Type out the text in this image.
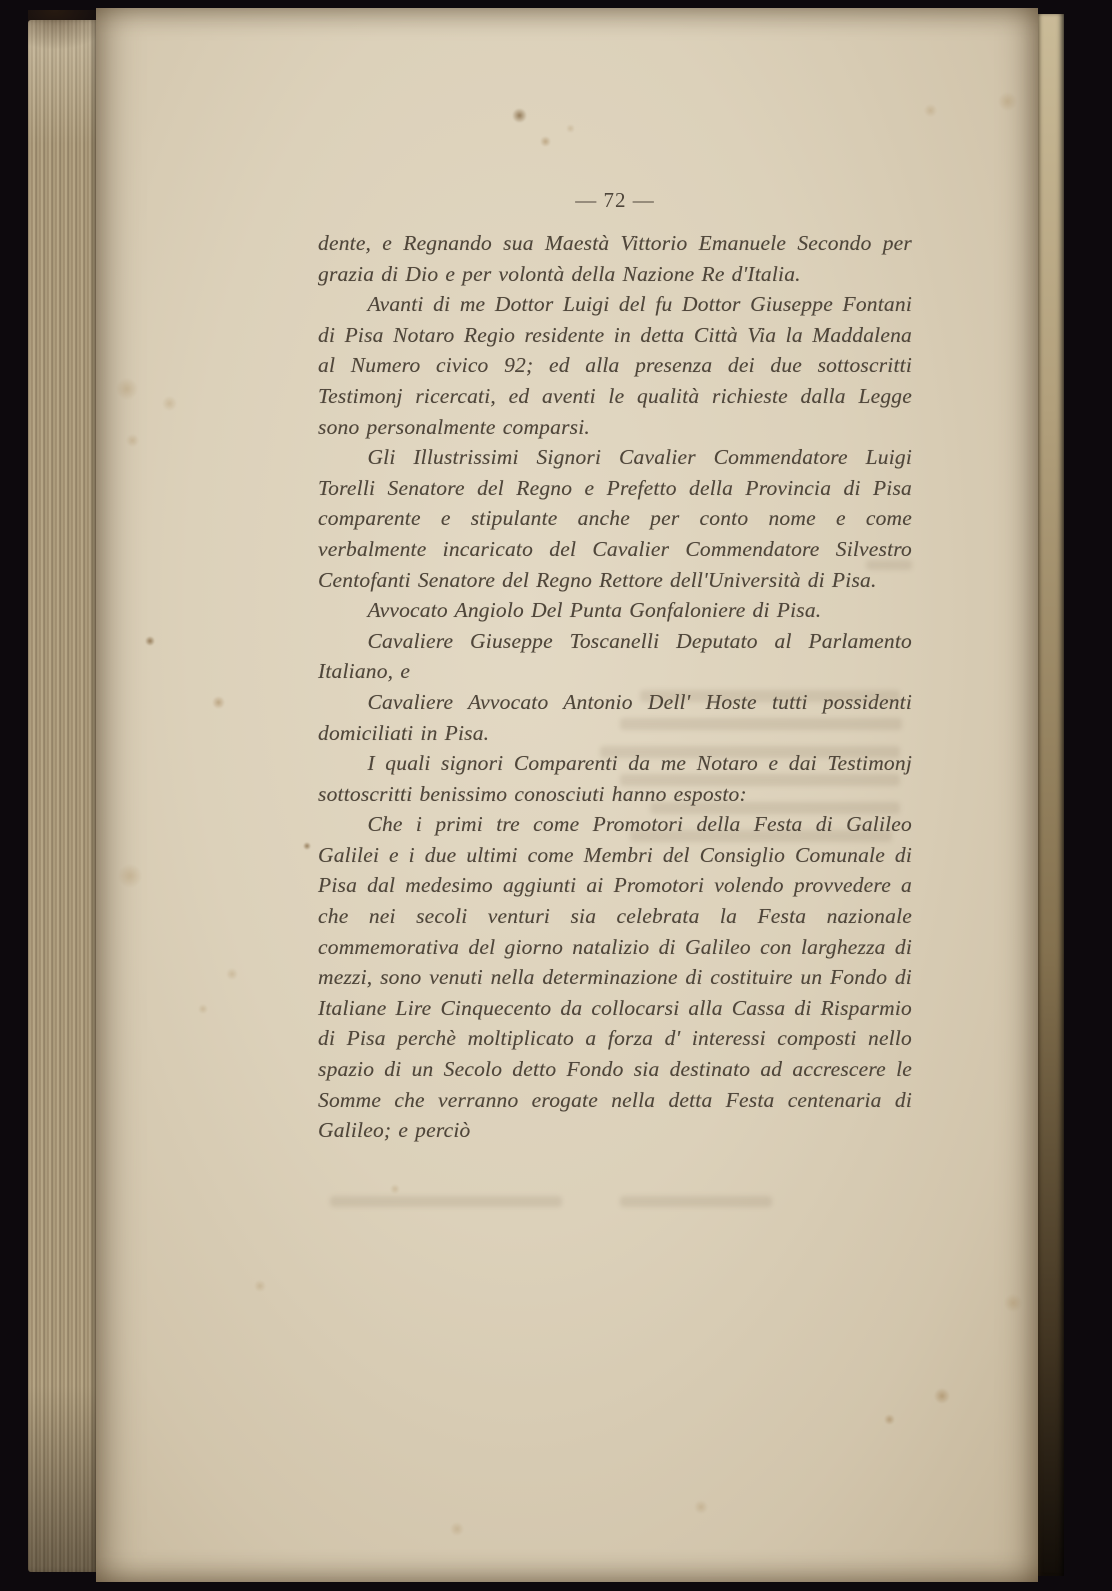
— 72 —

dente, e Regnando sua Maestà Vittorio Emanuele Secondo per grazia di Dio e per volontà della Nazione Re d'Italia.

Avanti di me Dottor Luigi del fu Dottor Giuseppe Fontani di Pisa Notaro Regio residente in detta Città Via la Maddalena al Numero civico 92; ed alla presenza dei due sottoscritti Testimonj ricercati, ed aventi le qualità richieste dalla Legge sono personalmente comparsi.

Gli Illustrissimi Signori Cavalier Commendatore Luigi Torelli Senatore del Regno e Prefetto della Provincia di Pisa comparente e stipulante anche per conto nome e come verbalmente incaricato del Cavalier Commendatore Silvestro Centofanti Senatore del Regno Rettore dell'Università di Pisa.

Avvocato Angiolo Del Punta Gonfaloniere di Pisa.

Cavaliere Giuseppe Toscanelli Deputato al Parlamento Italiano, e

Cavaliere Avvocato Antonio Dell' Hoste tutti possidenti domiciliati in Pisa.

I quali signori Comparenti da me Notaro e dai Testimonj sottoscritti benissimo conosciuti hanno esposto:

Che i primi tre come Promotori della Festa di Galileo Galilei e i due ultimi come Membri del Consiglio Comunale di Pisa dal medesimo aggiunti ai Promotori volendo provvedere a che nei secoli venturi sia celebrata la Festa nazionale commemorativa del giorno natalizio di Galileo con larghezza di mezzi, sono venuti nella determinazione di costituire un Fondo di Italiane Lire Cinquecento da collocarsi alla Cassa di Risparmio di Pisa perchè moltiplicato a forza d' interessi composti nello spazio di un Secolo detto Fondo sia destinato ad accrescere le Somme che verranno erogate nella detta Festa centenaria di Galileo; e perciò
